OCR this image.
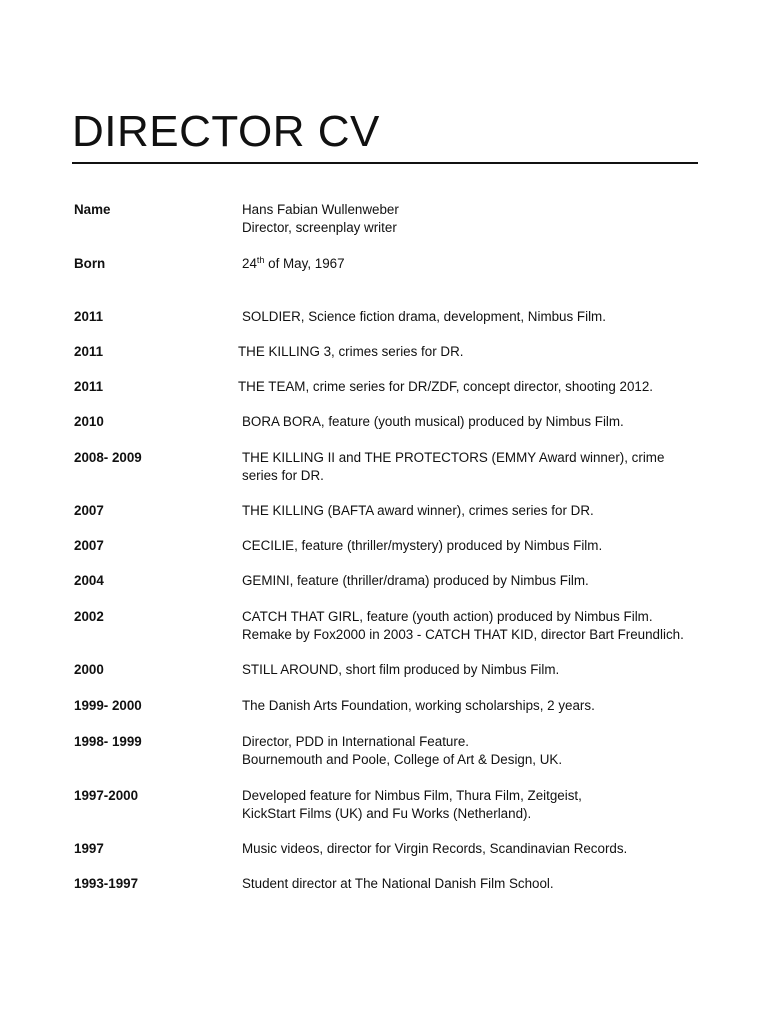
DIRECTOR CV
Name	Hans Fabian Wullenweber
Director, screenplay writer
Born	24th of May, 1967
2011	SOLDIER, Science fiction drama, development, Nimbus Film.
2011	THE KILLING 3, crimes series for DR.
2011	THE TEAM, crime series for DR/ZDF, concept director, shooting 2012.
2010	BORA BORA, feature (youth musical) produced by Nimbus Film.
2008- 2009	THE KILLING II and THE PROTECTORS (EMMY Award winner), crime
series for DR.
2007	THE KILLING (BAFTA award winner), crimes series for DR.
2007	CECILIE, feature (thriller/mystery) produced by Nimbus Film.
2004	GEMINI, feature (thriller/drama) produced by Nimbus Film.
2002	CATCH THAT GIRL, feature (youth action) produced by Nimbus Film.
Remake by Fox2000 in 2003 - CATCH THAT KID, director Bart Freundlich.
2000	STILL AROUND, short film produced by Nimbus Film.
1999- 2000	The Danish Arts Foundation, working scholarships, 2 years.
1998- 1999	Director, PDD in International Feature.
Bournemouth and Poole, College of Art & Design, UK.
1997-2000	Developed feature for Nimbus Film, Thura Film, Zeitgeist,
KickStart Films (UK) and Fu Works (Netherland).
1997	Music videos, director for Virgin Records, Scandinavian Records.
1993-1997	Student director at The National Danish Film School.
